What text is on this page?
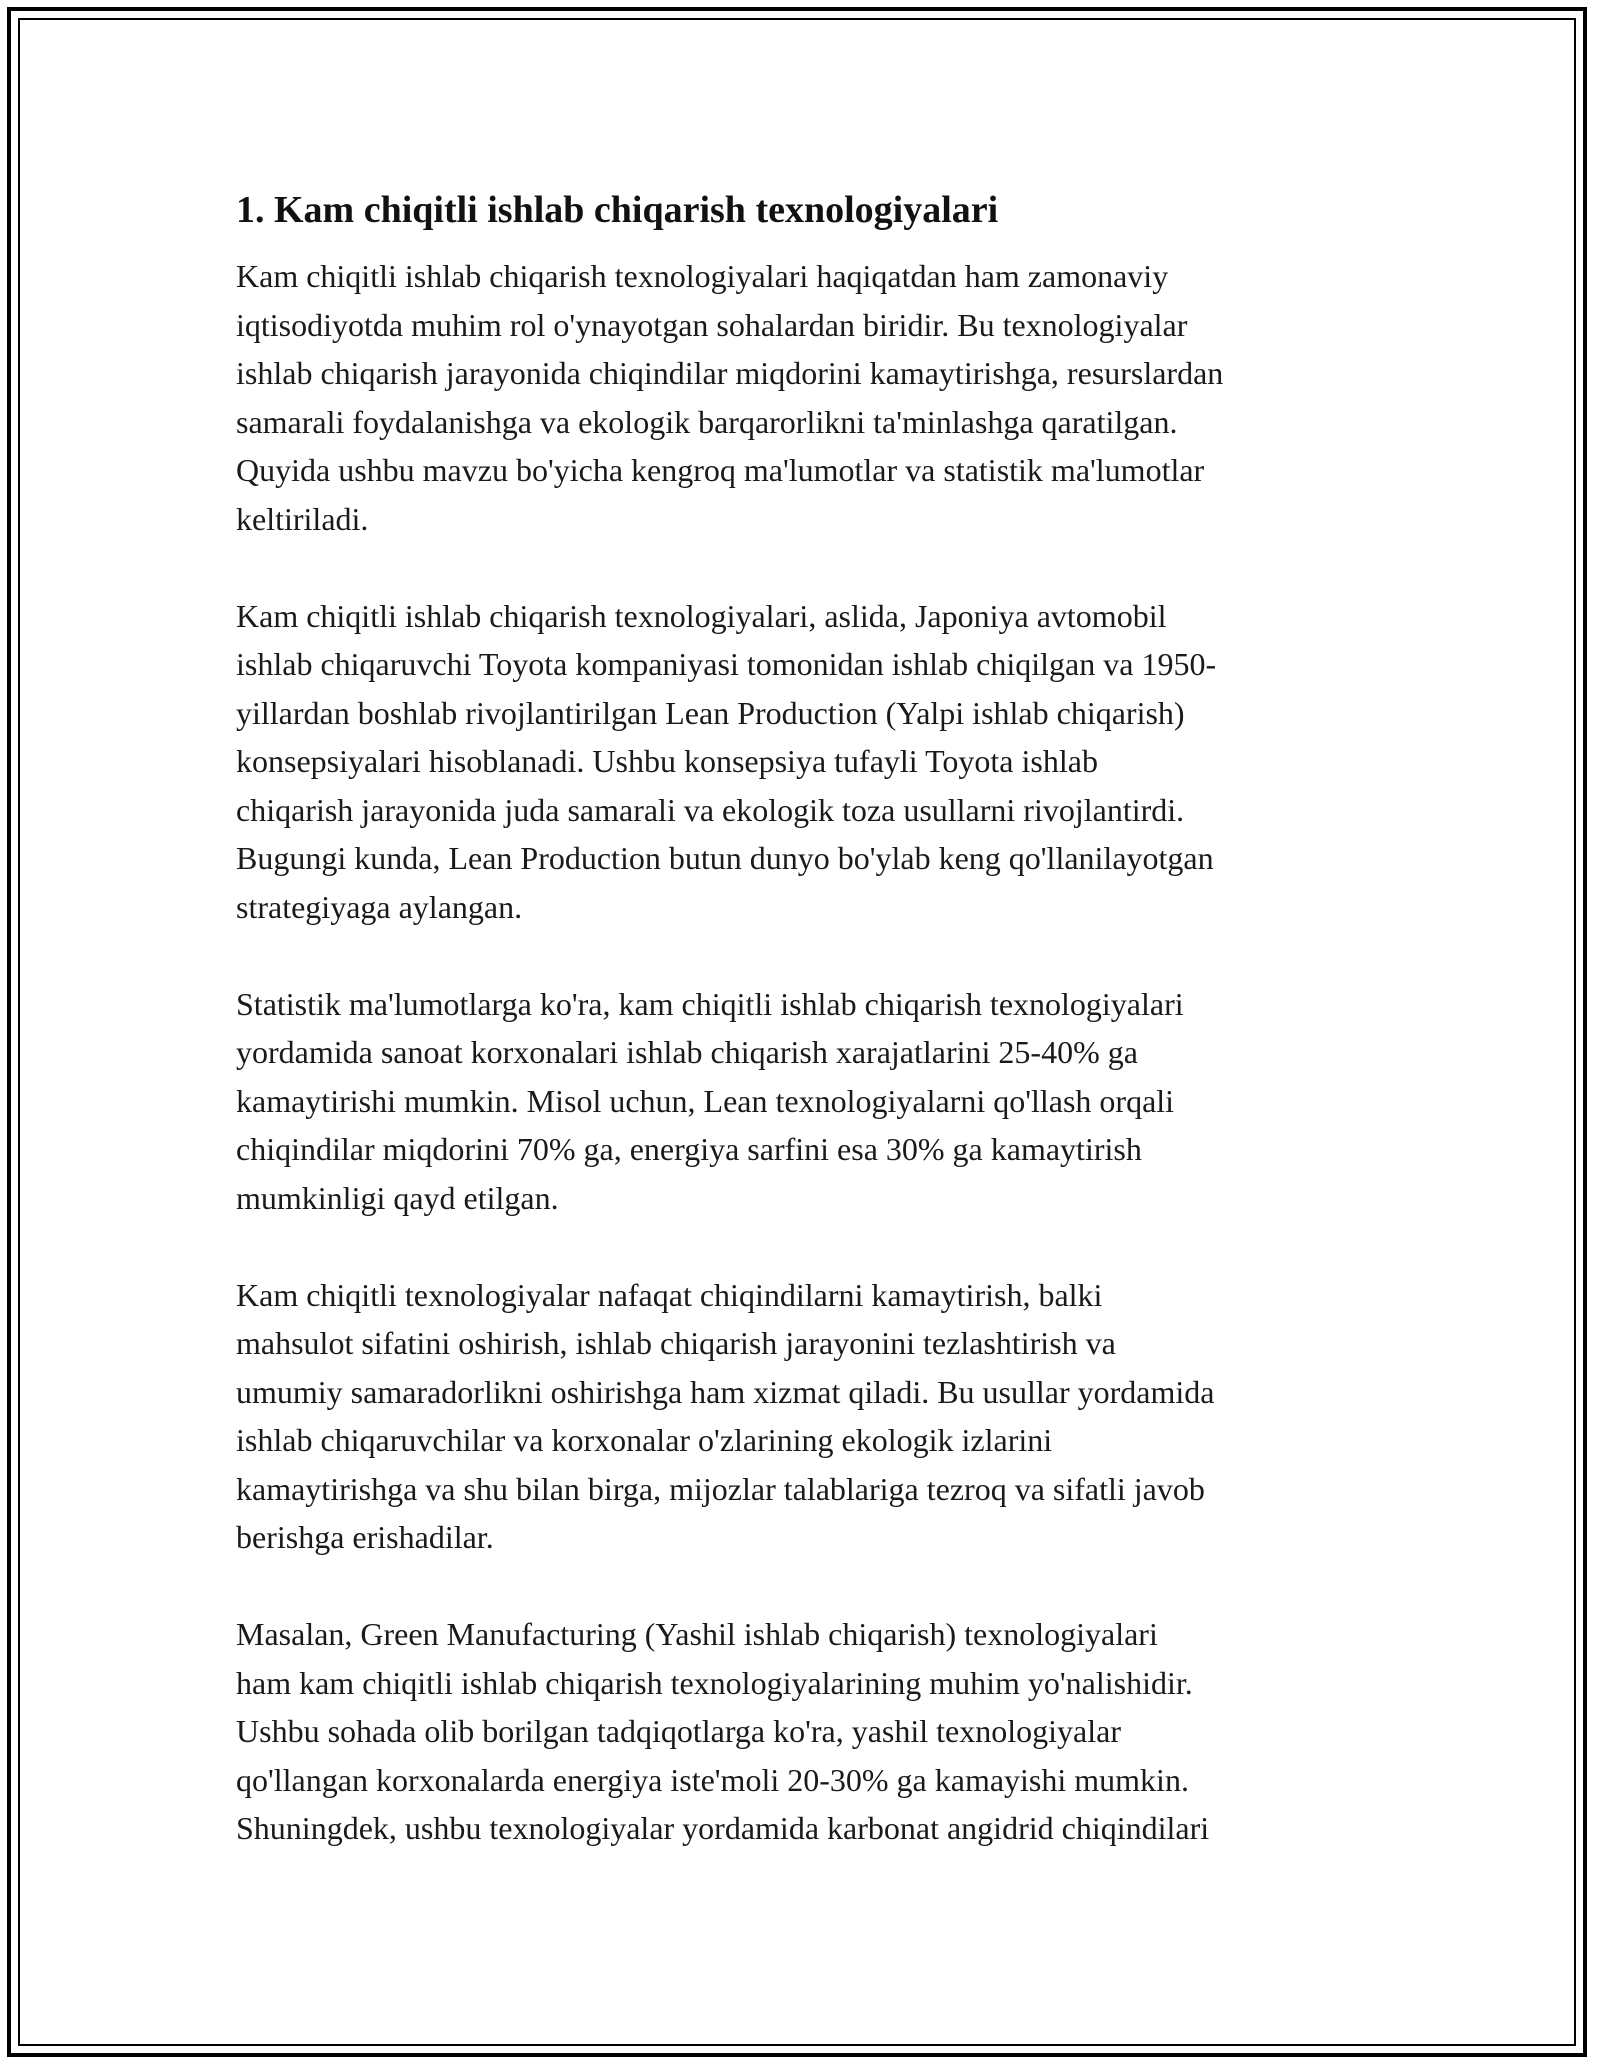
1. Kam chiqitli ishlab chiqarish texnologiyalari

Kam chiqitli ishlab chiqarish texnologiyalari haqiqatdan ham zamonaviy
iqtisodiyotda muhim rol o'ynayotgan sohalardan biridir. Bu texnologiyalar
ishlab chiqarish jarayonida chiqindilar miqdorini kamaytirishga, resurslardan
samarali foydalanishga va ekologik barqarorlikni ta'minlashga qaratilgan.
Quyida ushbu mavzu bo'yicha kengroq ma'lumotlar va statistik ma'lumotlar
keltiriladi.

Kam chiqitli ishlab chiqarish texnologiyalari, aslida, Japoniya avtomobil
ishlab chiqaruvchi Toyota kompaniyasi tomonidan ishlab chiqilgan va 1950-
yillardan boshlab rivojlantirilgan Lean Production (Yalpi ishlab chiqarish)
konsepsiyalari hisoblanadi. Ushbu konsepsiya tufayli Toyota ishlab
chiqarish jarayonida juda samarali va ekologik toza usullarni rivojlantirdi.
Bugungi kunda, Lean Production butun dunyo bo'ylab keng qo'llanilayotgan
strategiyaga aylangan.

Statistik ma'lumotlarga ko'ra, kam chiqitli ishlab chiqarish texnologiyalari
yordamida sanoat korxonalari ishlab chiqarish xarajatlarini 25-40% ga
kamaytirishi mumkin. Misol uchun, Lean texnologiyalarni qo'llash orqali
chiqindilar miqdorini 70% ga, energiya sarfini esa 30% ga kamaytirish
mumkinligi qayd etilgan.

Kam chiqitli texnologiyalar nafaqat chiqindilarni kamaytirish, balki
mahsulot sifatini oshirish, ishlab chiqarish jarayonini tezlashtirish va
umumiy samaradorlikni oshirishga ham xizmat qiladi. Bu usullar yordamida
ishlab chiqaruvchilar va korxonalar o'zlarining ekologik izlarini
kamaytirishga va shu bilan birga, mijozlar talablariga tezroq va sifatli javob
berishga erishadilar.

Masalan, Green Manufacturing (Yashil ishlab chiqarish) texnologiyalari
ham kam chiqitli ishlab chiqarish texnologiyalarining muhim yo'nalishidir.
Ushbu sohada olib borilgan tadqiqotlarga ko'ra, yashil texnologiyalar
qo'llangan korxonalarda energiya iste'moli 20-30% ga kamayishi mumkin.
Shuningdek, ushbu texnologiyalar yordamida karbonat angidrid chiqindilari
